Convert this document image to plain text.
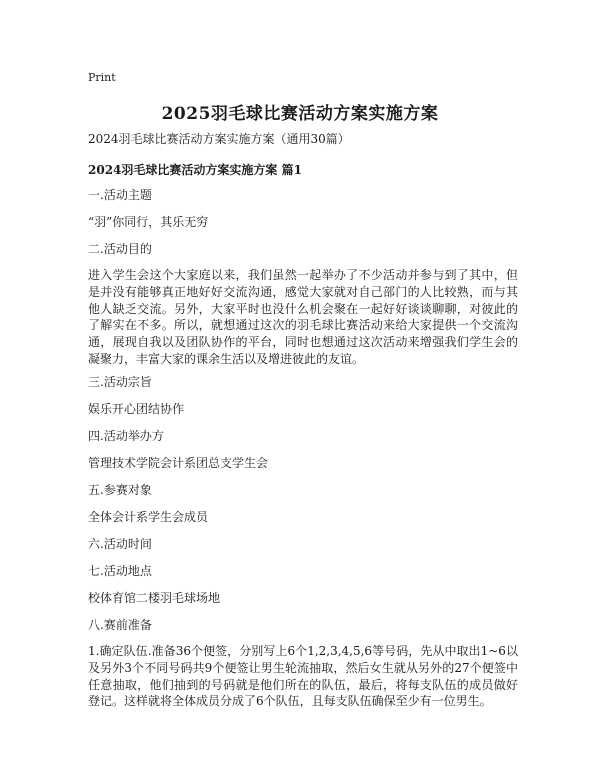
Print
2025羽毛球比赛活动方案实施方案
2024羽毛球比赛活动方案实施方案（通用30篇）
2024羽毛球比赛活动方案实施方案 篇1
一.活动主题
“羽”你同行，其乐无穷
二.活动目的
进入学生会这个大家庭以来，我们虽然一起举办了不少活动并参与到了其中，但是并没有能够真正地好好交流沟通，感觉大家就对自己部门的人比较熟，而与其他人缺乏交流。另外，大家平时也没什么机会聚在一起好好谈谈聊聊，对彼此的了解实在不多。所以，就想通过这次的羽毛球比赛活动来给大家提供一个交流沟通，展现自我以及团队协作的平台，同时也想通过这次活动来增强我们学生会的凝聚力，丰富大家的课余生活以及增进彼此的友谊。
三.活动宗旨
娱乐开心团结协作
四.活动举办方
管理技术学院会计系团总支学生会
五.参赛对象
全体会计系学生会成员
六.活动时间
七.活动地点
校体育馆二楼羽毛球场地
八.赛前准备
1.确定队伍.准备36个便签，分别写上6个1,2,3,4,5,6等号码，先从中取出1~6以及另外3个不同号码共9个便签让男生轮流抽取，然后女生就从另外的27个便签中任意抽取，他们抽到的号码就是他们所在的队伍，最后，将每支队伍的成员做好登记。这样就将全体成员分成了6个队伍，且每支队伍确保至少有一位男生。
